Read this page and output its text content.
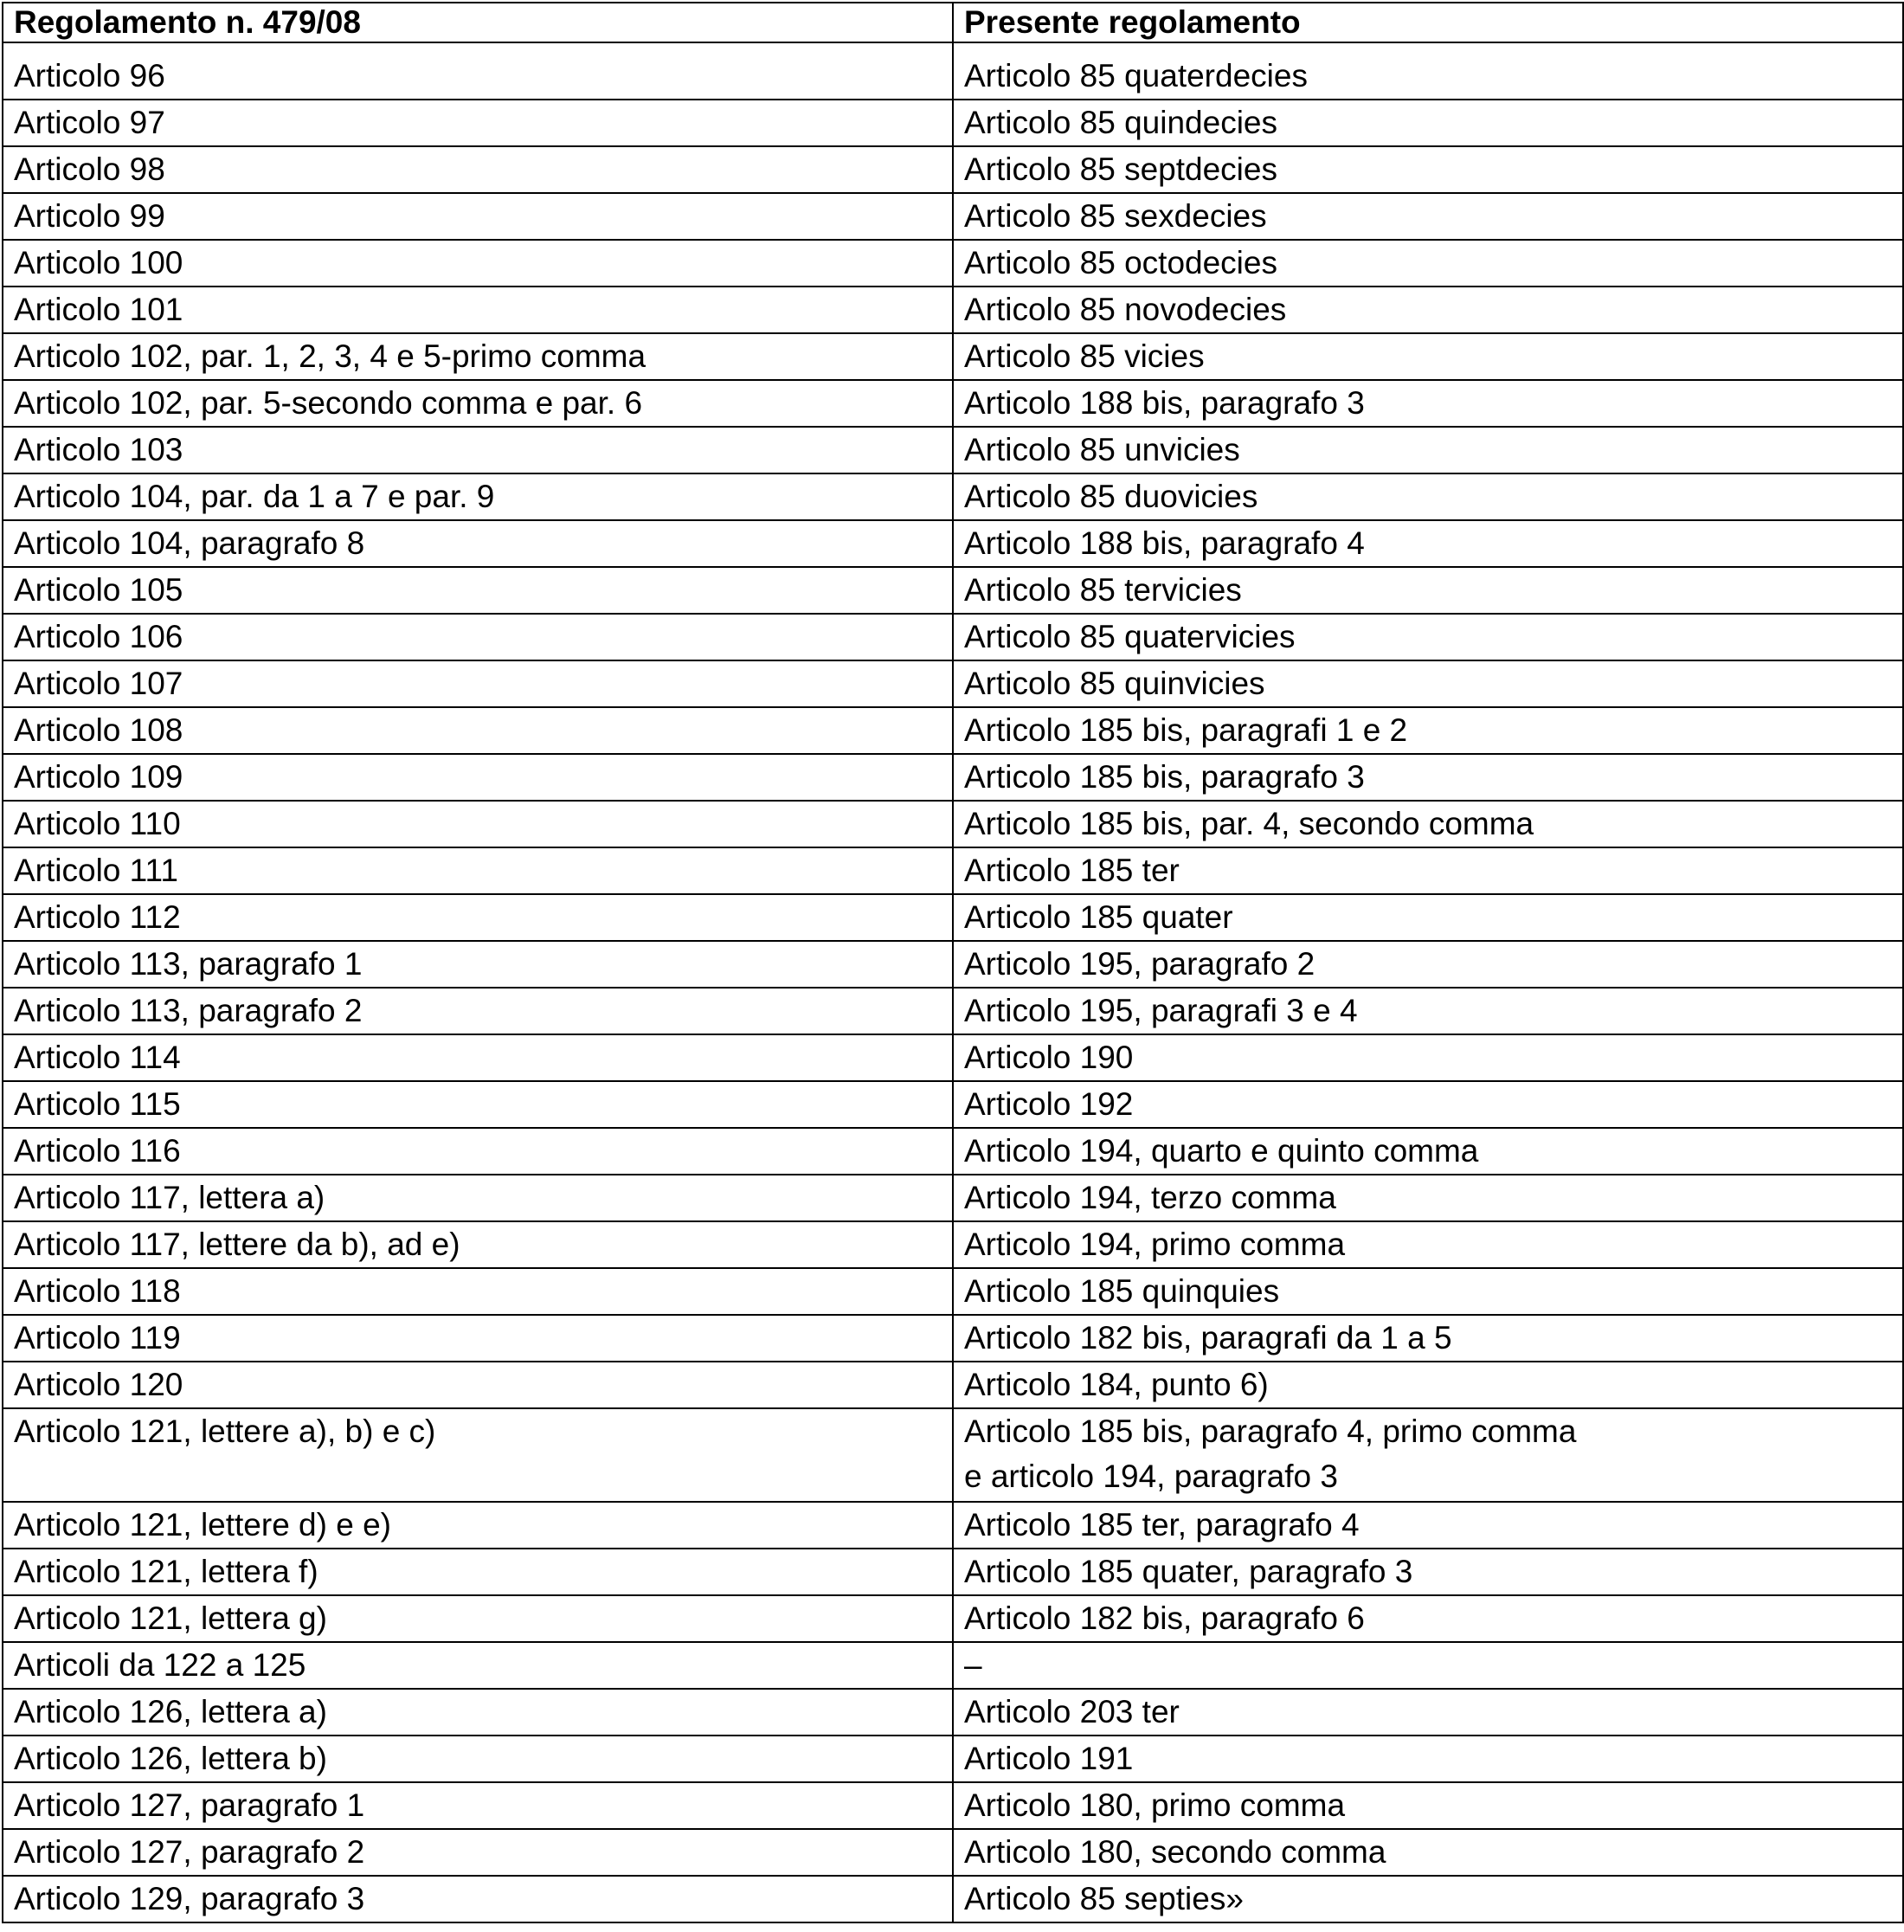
Regolamento n. 479/08	Presente regolamento
Articolo 96	Articolo 85 quaterdecies
Articolo 97	Articolo 85 quindecies
Articolo 98	Articolo 85 septdecies
Articolo 99	Articolo 85 sexdecies
Articolo 100	Articolo 85 octodecies
Articolo 101	Articolo 85 novodecies
Articolo 102, par. 1, 2, 3, 4 e 5-primo comma	Articolo 85 vicies
Articolo 102, par. 5-secondo comma e par. 6	Articolo 188 bis, paragrafo 3
Articolo 103	Articolo 85 unvicies
Articolo 104, par. da 1 a 7 e par. 9	Articolo 85 duovicies
Articolo 104, paragrafo 8	Articolo 188 bis, paragrafo 4
Articolo 105	Articolo 85 tervicies
Articolo 106	Articolo 85 quatervicies
Articolo 107	Articolo 85 quinvicies
Articolo 108	Articolo 185 bis, paragrafi 1 e 2
Articolo 109	Articolo 185 bis, paragrafo 3
Articolo 110	Articolo 185 bis, par. 4, secondo comma
Articolo 111	Articolo 185 ter
Articolo 112	Articolo 185 quater
Articolo 113, paragrafo 1	Articolo 195, paragrafo 2
Articolo 113, paragrafo 2	Articolo 195, paragrafi 3 e 4
Articolo 114	Articolo 190
Articolo 115	Articolo 192
Articolo 116	Articolo 194, quarto e quinto comma
Articolo 117, lettera a)	Articolo 194, terzo comma
Articolo 117, lettere da b), ad e)	Articolo 194, primo comma
Articolo 118	Articolo 185 quinquies
Articolo 119	Articolo 182 bis, paragrafi da 1 a 5
Articolo 120	Articolo 184, punto 6)
Articolo 121, lettere a), b) e c)	Articolo 185 bis, paragrafo 4, primo comma
e articolo 194, paragrafo 3

Articolo 121, lettere d) e e)	Articolo 185 ter, paragrafo 4
Articolo 121, lettera f)	Articolo 185 quater, paragrafo 3
Articolo 121, lettera g)	Articolo 182 bis, paragrafo 6
Articoli da 122 a 125	–
Articolo 126, lettera a)	Articolo 203 ter
Articolo 126, lettera b)	Articolo 191
Articolo 127, paragrafo 1	Articolo 180, primo comma
Articolo 127, paragrafo 2	Articolo 180, secondo comma
Articolo 129, paragrafo 3	Articolo 85 septies»
